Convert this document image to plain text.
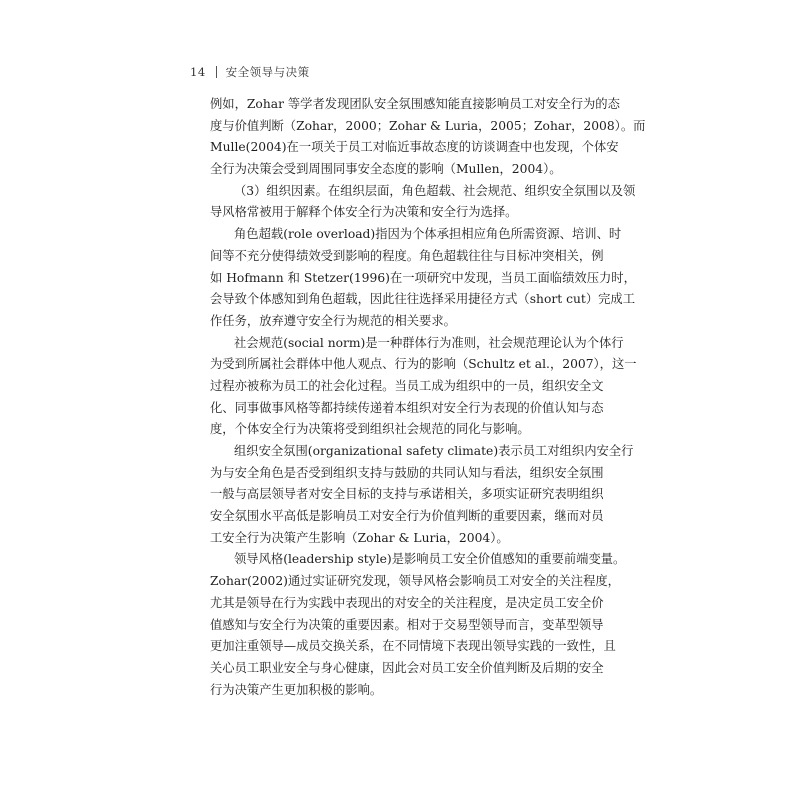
14 安全领导与决策
例如，Zohar 等学者发现团队安全氛围感知能直接影响员工对安全行为的态
度与价值判断（Zohar，2000；Zohar & Luria，2005；Zohar，2008）。而
Mulle(2004)在一项关于员工对临近事故态度的访谈调查中也发现，个体安
全行为决策会受到周围同事安全态度的影响（Mullen，2004）。
（3）组织因素。在组织层面，角色超载、社会规范、组织安全氛围以及领
导风格常被用于解释个体安全行为决策和安全行为选择。
角色超载(role overload)指因为个体承担相应角色所需资源、培训、时
间等不充分使得绩效受到影响的程度。角色超载往往与目标冲突相关，例
如 Hofmann 和 Stetzer(1996)在一项研究中发现，当员工面临绩效压力时，
会导致个体感知到角色超载，因此往往选择采用捷径方式（short cut）完成工
作任务，放弃遵守安全行为规范的相关要求。
社会规范(social norm)是一种群体行为准则，社会规范理论认为个体行
为受到所属社会群体中他人观点、行为的影响（Schultz et al.，2007），这一
过程亦被称为员工的社会化过程。当员工成为组织中的一员，组织安全文
化、同事做事风格等都持续传递着本组织对安全行为表现的价值认知与态
度，个体安全行为决策将受到组织社会规范的同化与影响。
组织安全氛围(organizational safety climate)表示员工对组织内安全行
为与安全角色是否受到组织支持与鼓励的共同认知与看法，组织安全氛围
一般与高层领导者对安全目标的支持与承诺相关，多项实证研究表明组织
安全氛围水平高低是影响员工对安全行为价值判断的重要因素，继而对员
工安全行为决策产生影响（Zohar & Luria，2004）。
领导风格(leadership style)是影响员工安全价值感知的重要前端变量。
Zohar(2002)通过实证研究发现，领导风格会影响员工对安全的关注程度，
尤其是领导在行为实践中表现出的对安全的关注程度，是决定员工安全价
值感知与安全行为决策的重要因素。相对于交易型领导而言，变革型领导
更加注重领导—成员交换关系，在不同情境下表现出领导实践的一致性，且
关心员工职业安全与身心健康，因此会对员工安全价值判断及后期的安全
行为决策产生更加积极的影响。
